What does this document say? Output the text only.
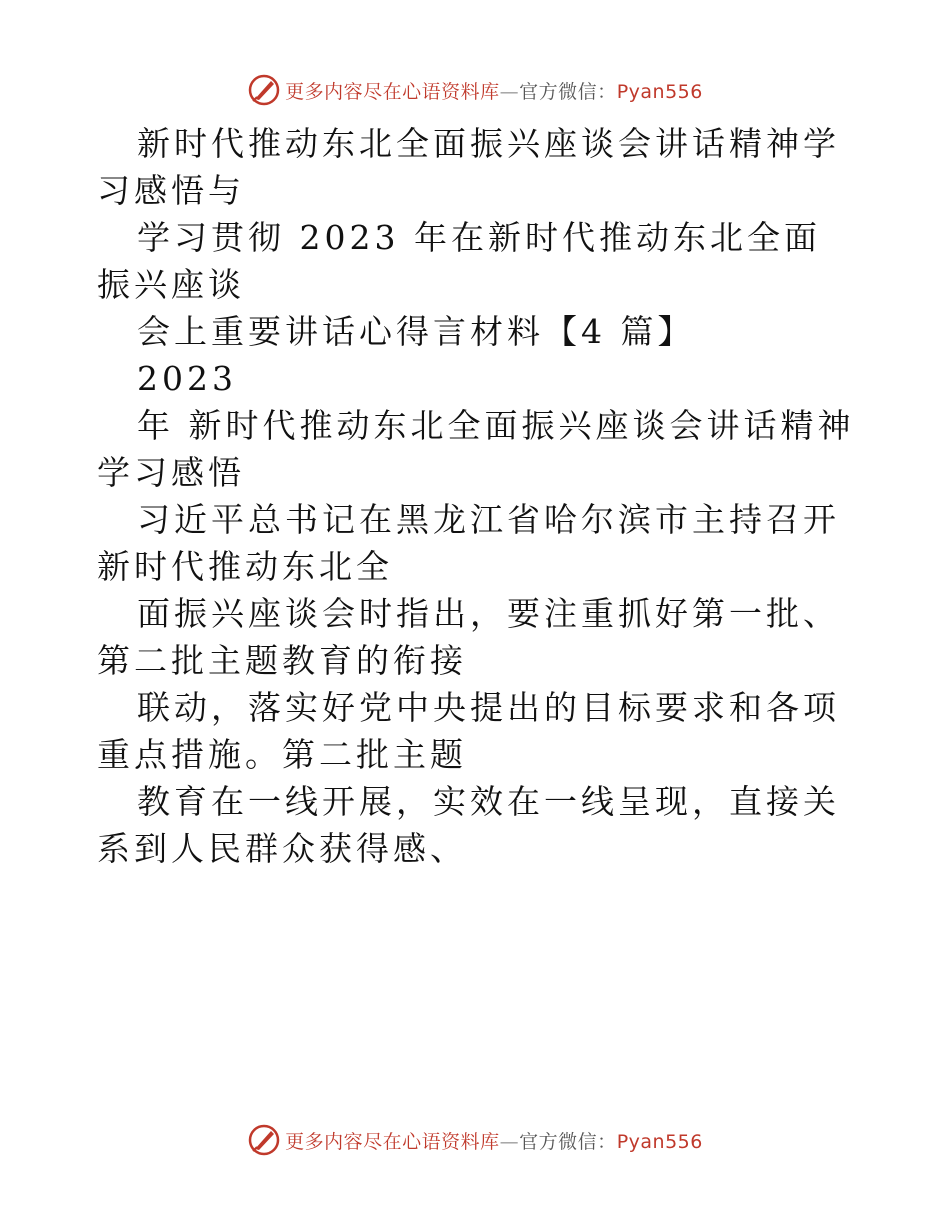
更多内容尽在心语资料库—官方微信：Pyan556

新时代推动东北全面振兴座谈会讲话精神学习感悟与

学习贯彻 2023 年在新时代推动东北全面振兴座谈

会上重要讲话心得言材料【4 篇】

2023

年 新时代推动东北全面振兴座谈会讲话精神学习感悟

习近平总书记在黑龙江省哈尔滨市主持召开新时代推动东北全

面振兴座谈会时指出，要注重抓好第一批、第二批主题教育的衔接

联动，落实好党中央提出的目标要求和各项重点措施。第二批主题

教育在一线开展，实效在一线呈现，直接关系到人民群众获得感、

更多内容尽在心语资料库—官方微信：Pyan556
